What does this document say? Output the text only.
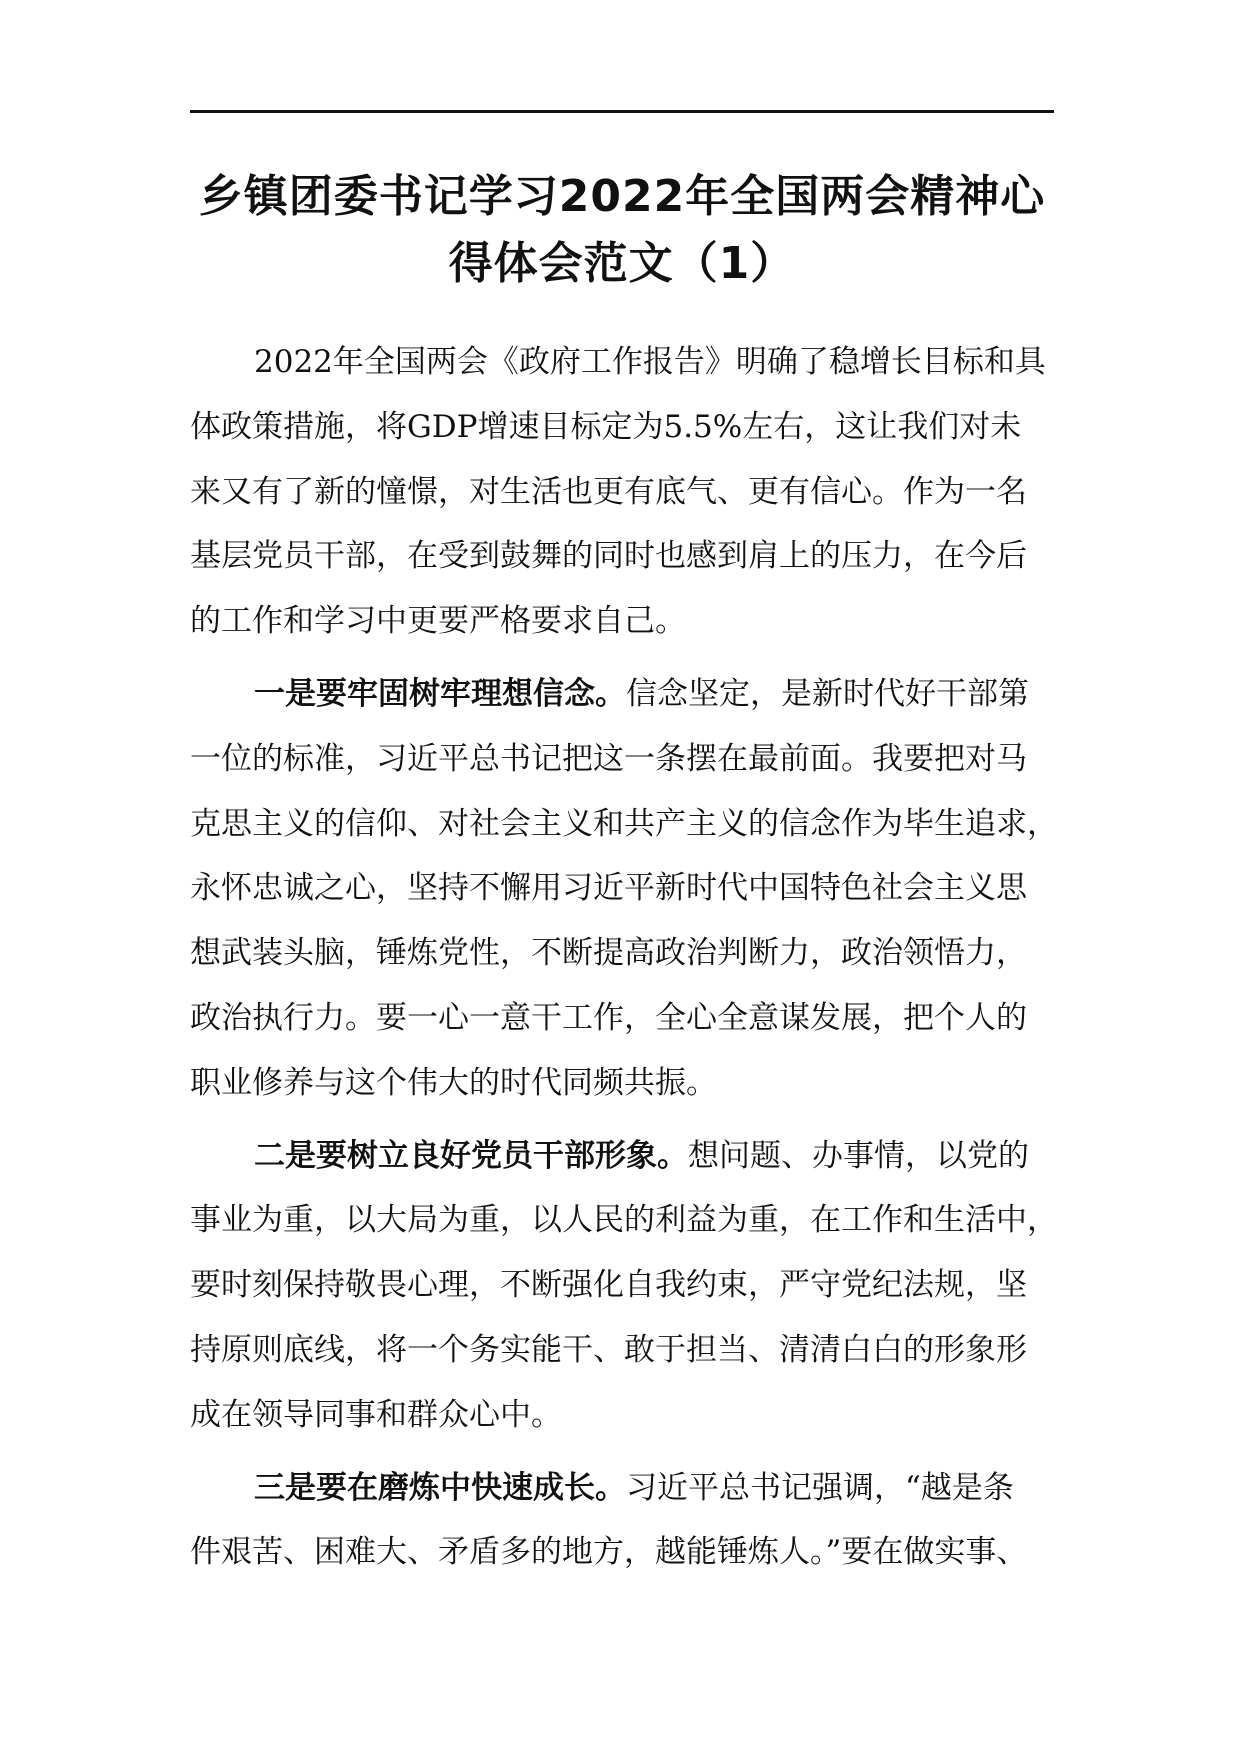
乡镇团委书记学习2022年全国两会精神心
得体会范文（1）
2022年全国两会《政府工作报告》明确了稳增长目标和具
体政策措施，将GDP增速目标定为5.5%左右，这让我们对未
来又有了新的憧憬，对生活也更有底气、更有信心。作为一名
基层党员干部，在受到鼓舞的同时也感到肩上的压力，在今后
的工作和学习中更要严格要求自己。
一是要牢固树牢理想信念。信念坚定，是新时代好干部第
一位的标准，习近平总书记把这一条摆在最前面。我要把对马
克思主义的信仰、对社会主义和共产主义的信念作为毕生追求，
永怀忠诚之心，坚持不懈用习近平新时代中国特色社会主义思
想武装头脑，锤炼党性，不断提高政治判断力，政治领悟力，
政治执行力。要一心一意干工作，全心全意谋发展，把个人的
职业修养与这个伟大的时代同频共振。
二是要树立良好党员干部形象。想问题、办事情，以党的
事业为重，以大局为重，以人民的利益为重，在工作和生活中，
要时刻保持敬畏心理，不断强化自我约束，严守党纪法规，坚
持原则底线，将一个务实能干、敢于担当、清清白白的形象形
成在领导同事和群众心中。
三是要在磨炼中快速成长。习近平总书记强调，“越是条
件艰苦、困难大、矛盾多的地方，越能锤炼人。”要在做实事、
